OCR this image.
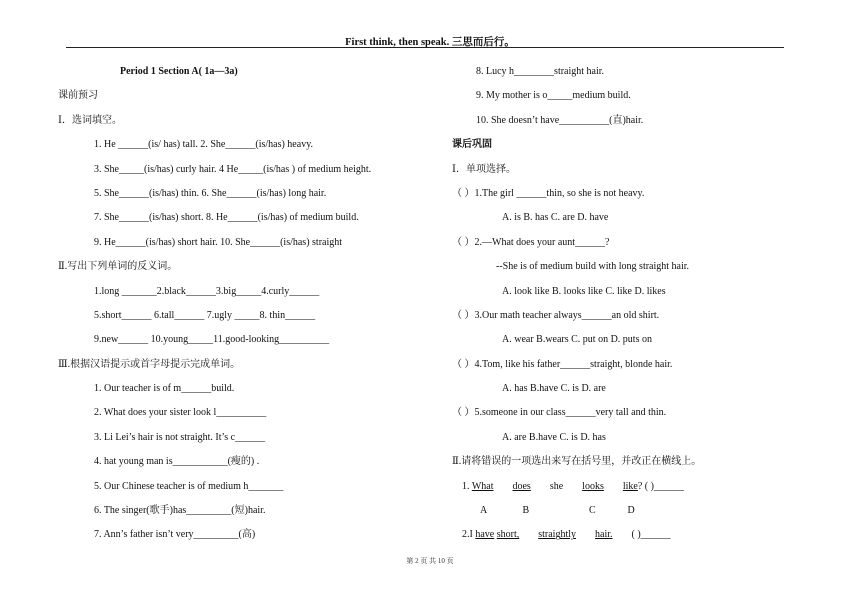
First think, then speak. 三思而后行。
Period 1 Section A( 1a—3a)
课前预习
Ⅰ．选词填空。
1. He ______(is/ has) tall. 2. She______(is/has) heavy.
3. She_____(is/has) curly hair. 4 He_____(is/has ) of medium height.
5. She______(is/has) thin. 6. She______(is/has) long hair.
7. She______(is/has) short. 8. He______(is/has) of medium build.
9. He______(is/has) short hair. 10. She______(is/has) straight
Ⅱ.写出下列单词的反义词。
1.long _______2.black______3.big_____4.curly______
5.short______ 6.tall______ 7.ugly _____8. thin______
9.new______ 10.young_____11.good-looking__________
Ⅲ.根据汉语提示或首字母提示完成单词。
1. Our teacher is of m______build.
2. What does your sister look l__________
3. Li Lei’s hair is not straight. It’s c______
4. hat young man is___________(瘦的) .
5. Our Chinese teacher is of medium h_______
6. The singer(歌手)has_________(短)hair.
7. Ann’s father isn’t very_________(高)
8. Lucy h________straight hair.
9. My mother is o_____medium build.
10. She doesn’t have__________(直)hair.
课后巩固
Ⅰ．单项选择。
（ ）1.The girl ______thin, so she is not heavy.
A. is B. has C. are D. have
（ ）2.—What does your aunt______?
--She is of medium build with long straight hair.
A. look like B. looks like C. like D. likes
（ ）3.Our math teacher always______an old shirt.
A. wear B.wears C. put on D. puts on
（ ）4.Tom, like his father______straight, blonde hair.
A. has B.have C. is D. are
（ ）5.someone in our class______very tall and thin.
A. are B.have C. is D. has
Ⅱ.请将错误的一项选出来写在括号里，并改正在横线上。
1. What does she looks like? ( )______
A	B	C	D
2.I have short, straightly hair. ( )______
第 2 页 共 10 页
